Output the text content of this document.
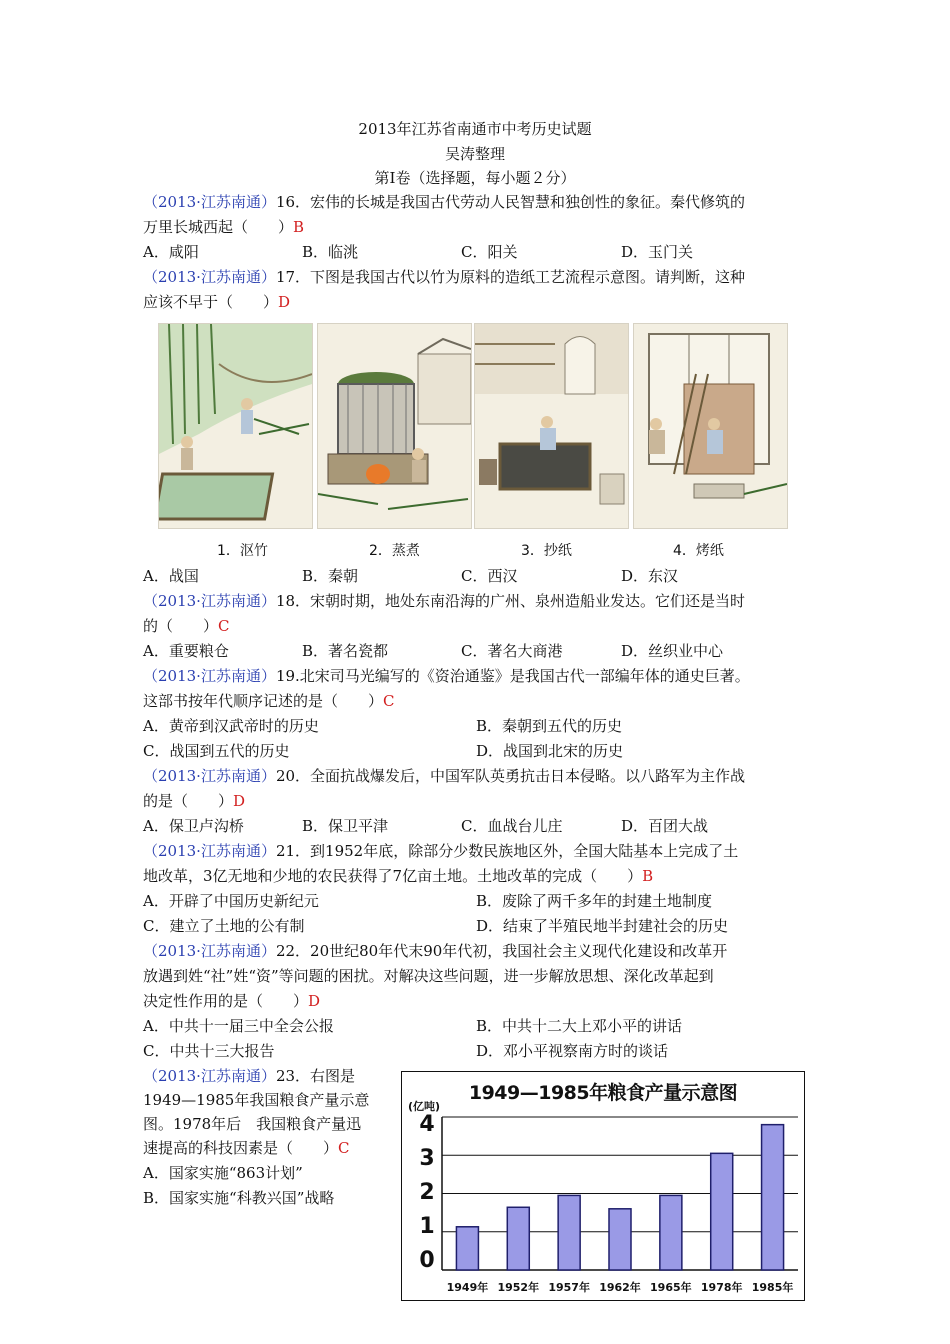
2013年江苏省南通市中考历史试题
吴涛整理
第Ⅰ卷（选择题，每小题２分）
（2013·江苏南通）16．宏伟的长城是我国古代劳动人民智慧和独创性的象征。秦代修筑的
万里长城西起（　　）B
A．咸阳	B．临洮	C．阳关	D．玉门关
（2013·江苏南通）17．下图是我国古代以竹为原料的造纸工艺流程示意图。请判断，这种
应该不早于（　　）D
1．沤竹	2．蒸煮	3．抄纸	4．烤纸
A．战国	B．秦朝	C．西汉	D．东汉
（2013·江苏南通）18．宋朝时期，地处东南沿海的广州、泉州造船业发达。它们还是当时
的（　　）C
A．重要粮仓	B．著名瓷都	C．著名大商港	D．丝织业中心
（2013·江苏南通）19.北宋司马光编写的《资治通鉴》是我国古代一部编年体的通史巨著。
这部书按年代顺序记述的是（　　）C
A．黄帝到汉武帝时的历史	B．秦朝到五代的历史
C．战国到五代的历史	D．战国到北宋的历史
（2013·江苏南通）20．全面抗战爆发后，中国军队英勇抗击日本侵略。以八路军为主作战
的是（　　）D
A．保卫卢沟桥	B．保卫平津	C．血战台儿庄	D．百团大战
（2013·江苏南通）21．到1952年底，除部分少数民族地区外，全国大陆基本上完成了土
地改革，3亿无地和少地的农民获得了7亿亩土地。土地改革的完成（　　）B
A．开辟了中国历史新纪元	B．废除了两千多年的封建土地制度
C．建立了土地的公有制	D．结束了半殖民地半封建社会的历史
（2013·江苏南通）22．20世纪80年代末90年代初，我国社会主义现代化建设和改革开
放遇到姓“社”姓“资”等问题的困扰。对解决这些问题，进一步解放思想、深化改革起到
决定性作用的是（　　）D
A．中共十一届三中全会公报	B．中共十二大上邓小平的讲话
C．中共十三大报告	D．邓小平视察南方时的谈话
（2013·江苏南通）23．右图是
1949—1985年我国粮食产量示意
图。1978年后　我国粮食产量迅
速提高的科技因素是（　　）C
A．国家实施“863计划”
B．国家实施“科教兴国”战略
1949—1985年粮食产量示意图
(亿吨)
0
1
2
3
4
1949年 1952年 1957年 1962年 1965年 1978年 1985年
